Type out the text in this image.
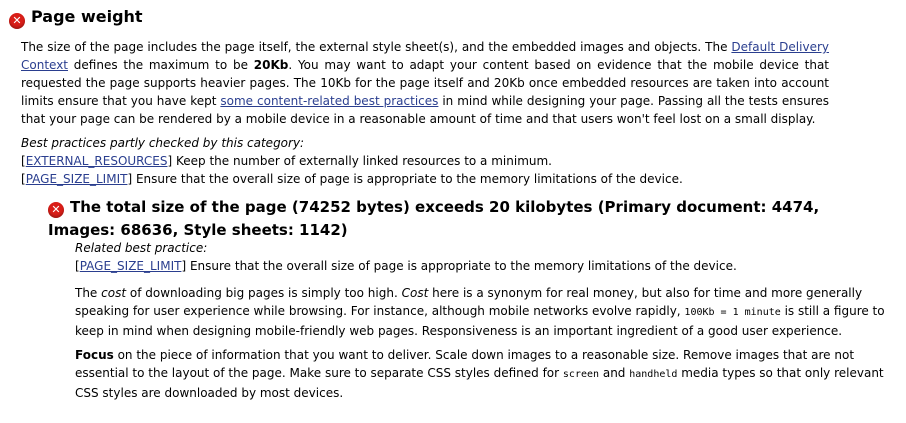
✕ Page weight

The size of the page includes the page itself, the external style sheet(s), and the embedded images and objects. The Default Delivery Context defines the maximum to be 20Kb. You may want to adapt your content based on evidence that the mobile device that requested the page supports heavier pages. The 10Kb for the page itself and 20Kb once embedded resources are taken into account limits ensure that you have kept some content-related best practices in mind while designing your page. Passing all the tests ensures that your page can be rendered by a mobile device in a reasonable amount of time and that users won't feel lost on a small display.

Best practices partly checked by this category:
[EXTERNAL_RESOURCES] Keep the number of externally linked resources to a minimum.
[PAGE_SIZE_LIMIT] Ensure that the overall size of page is appropriate to the memory limitations of the device.
✕ The total size of the page (74252 bytes) exceeds 20 kilobytes (Primary document: 4474, Images: 68636, Style sheets: 1142)
Related best practice:
[PAGE_SIZE_LIMIT] Ensure that the overall size of page is appropriate to the memory limitations of the device.

The cost of downloading big pages is simply too high. Cost here is a synonym for real money, but also for time and more generally speaking for user experience while browsing. For instance, although mobile networks evolve rapidly, 100Kb = 1 minute is still a figure to keep in mind when designing mobile-friendly web pages. Responsiveness is an important ingredient of a good user experience.

Focus on the piece of information that you want to deliver. Scale down images to a reasonable size. Remove images that are not essential to the layout of the page. Make sure to separate CSS styles defined for screen and handheld media types so that only relevant CSS styles are downloaded by most devices.
